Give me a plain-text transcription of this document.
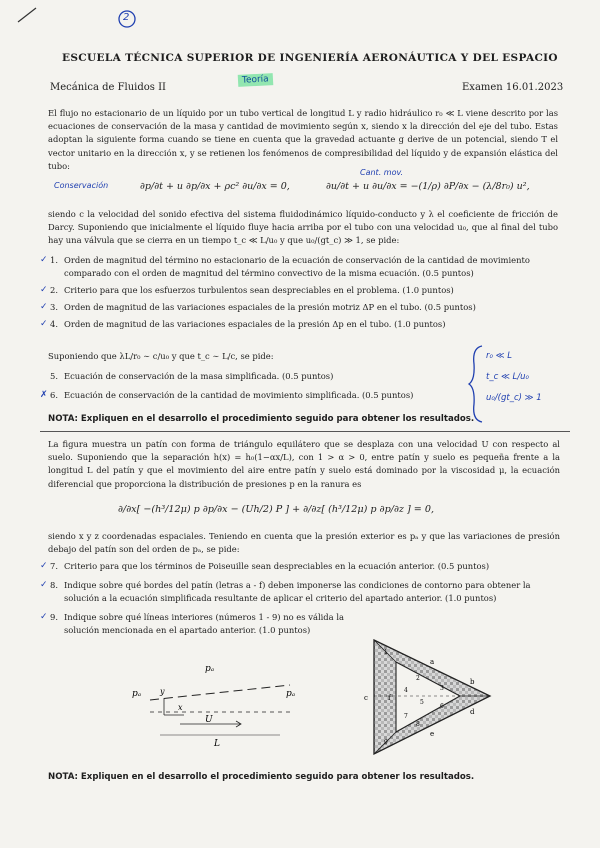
2
ESCUELA TÉCNICA SUPERIOR DE INGENIERÍA AERONÁUTICA Y DEL ESPACIO
Mecánica de Fluidos II
Teoría
Examen 16.01.2023
El flujo no estacionario de un líquido por un tubo vertical de longitud L y radio hidráulico r₀ ≪ L viene descrito por las ecuaciones de conservación de la masa y cantidad de movimiento según x, siendo x la dirección del eje del tubo. Estas adoptan la siguiente forma cuando se tiene en cuenta que la gravedad actuante g derive de un potencial, siendo T el vector unitario en la dirección x, y se retienen los fenómenos de compresibilidad del líquido y de expansión elástica del tubo:
Conservación	∂p/∂t + u ∂p/∂x + ρc² ∂u/∂x = 0,
Cant. mov.
∂u/∂t + u ∂u/∂x = −(1/ρ) ∂P/∂x − (λ/8r₀) u²,
siendo c la velocidad del sonido efectiva del sistema fluidodinámico líquido-conducto y λ el coeficiente de fricción de Darcy. Suponiendo que inicialmente el líquido fluye hacia arriba por el tubo con una velocidad u₀, que al final del tubo hay una válvula que se cierra en un tiempo t_c ≪ L/u₀ y que u₀/(gt_c) ≫ 1, se pide:
✓ 1. Orden de magnitud del término no estacionario de la ecuación de conservación de la cantidad de movimiento comparado con el orden de magnitud del término convectivo de la misma ecuación. (0.5 puntos)
✓ 2. Criterio para que los esfuerzos turbulentos sean despreciables en el problema. (1.0 puntos)
✓ 3. Orden de magnitud de las variaciones espaciales de la presión motriz ΔP en el tubo. (0.5 puntos)
✓ 4. Orden de magnitud de las variaciones espaciales de la presión Δp en el tubo. (1.0 puntos)
Suponiendo que λL/r₀ ∼ c/u₀ y que t_c ∼ L/c, se pide:
5. Ecuación de conservación de la masa simplificada. (0.5 puntos)
✗ 6. Ecuación de conservación de la cantidad de movimiento simplificada. (0.5 puntos)
r₀ ≪ L
t_c ≪ L/u₀
u₀/(gt_c) ≫ 1
NOTA: Expliquen en el desarrollo el procedimiento seguido para obtener los resultados.
La figura muestra un patín con forma de triángulo equilátero que se desplaza con una velocidad U con respecto al suelo. Suponiendo que la separación h(x) = h₀(1−αx/L), con 1 > α > 0, entre patín y suelo es pequeña frente a la longitud L del patín y que el movimiento del aire entre patín y suelo está dominado por la viscosidad μ, la ecuación diferencial que proporciona la distribución de presiones p en la ranura es
∂/∂x[ −(h³/12μ) p ∂p/∂x − (Uh/2) P ] + ∂/∂z[ (h³/12μ) p ∂p/∂z ] = 0,
siendo x y z coordenadas espaciales. Teniendo en cuenta que la presión exterior es pₐ y que las variaciones de presión debajo del patín son del orden de pₐ, se pide:
✓ 7. Criterio para que los términos de Poiseuille sean despreciables en la ecuación anterior. (0.5 puntos)
✓ 8. Indique sobre qué bordes del patín (letras a - f) deben imponerse las condiciones de contorno para obtener la solución a la ecuación simplificada resultante de aplicar el criterio del apartado anterior. (1.0 puntos)
✓ 9. Indique sobre qué líneas interiores (números 1 - 9) no es válida la solución mencionada en el apartado anterior. (1.0 puntos)
pₐ
pₐ	pₐ
y
x
U
L
a
b
c
d
e
f
1
2
3
4
5
6
7
8
9
NOTA: Expliquen en el desarrollo el procedimiento seguido para obtener los resultados.
